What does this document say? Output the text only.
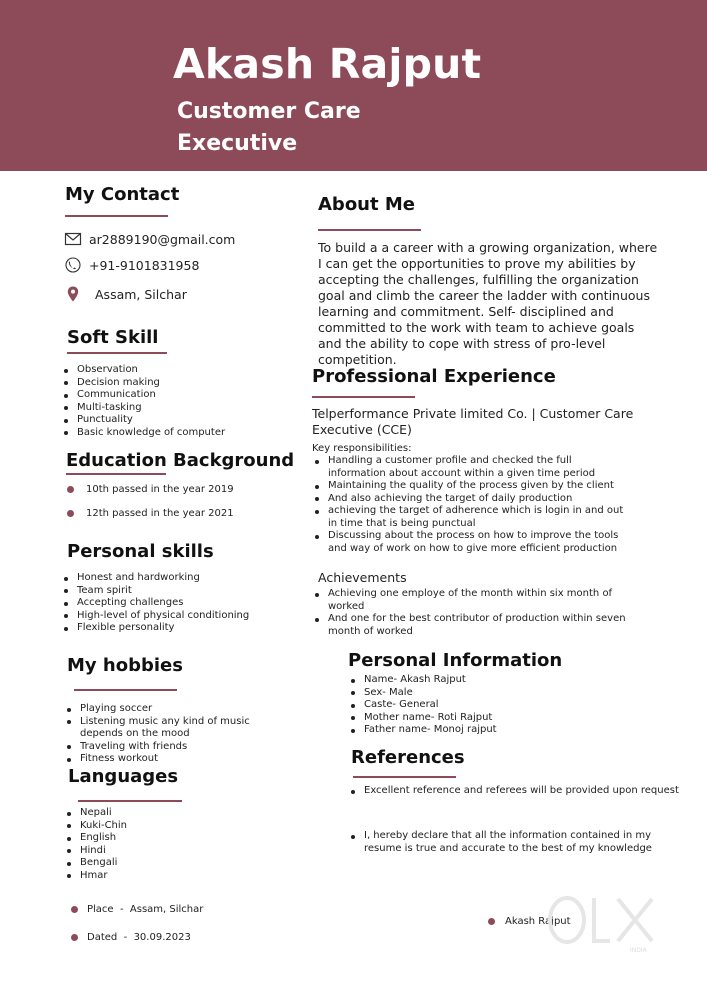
Akash Rajput
Customer Care Executive
My Contact
ar2889190@gmail.com
+91-9101831958
Assam, Silchar
Soft Skill
Observation
Decision making
Communication
Multi-tasking
Punctuality
Basic knowledge of computer
Education Background
10th passed in the year 2019
12th passed in the year 2021
Personal skills
Honest and hardworking
Team spirit
Accepting challenges
High-level of physical conditioning
Flexible personality
My hobbies
Playing soccer
Listening music any kind of music depends on the mood
Traveling with friends
Fitness workout
Languages
Nepali
Kuki-Chin
English
Hindi
Bengali
Hmar
Place  -  Assam, Silchar
Dated  -  30.09.2023
About Me
To build a a career with a growing organization, where I can get the opportunities to prove my abilities by accepting the challenges, fulfilling the organization goal and climb the career the ladder with continuous learning and commitment. Self- disciplined and committed to the work with team to achieve goals and the ability to cope with stress of pro-level competition.
Professional Experience
Telperformance Private limited Co. | Customer Care Executive (CCE)
Key responsibilities:
Handling a customer profile and checked the full information about account within a given time period
Maintaining the quality of the process given by the client
And also achieving the target of daily production
achieving the target of adherence which is login in and out in time that is being punctual
Discussing about the process on how to improve the tools and way of work on how to give more efficient production
Achievements
Achieving one employe of the month within six month of worked
And one for the best contributor of production within seven month of worked
Personal Information
Name- Akash Rajput
Sex- Male
Caste- General
Mother name- Roti Rajput
Father name- Monoj rajput
References
Excellent reference and referees will be provided upon request
I, hereby declare that all the information contained in my resume is true and accurate to the best of my knowledge
Akash Rajput
INDIA
